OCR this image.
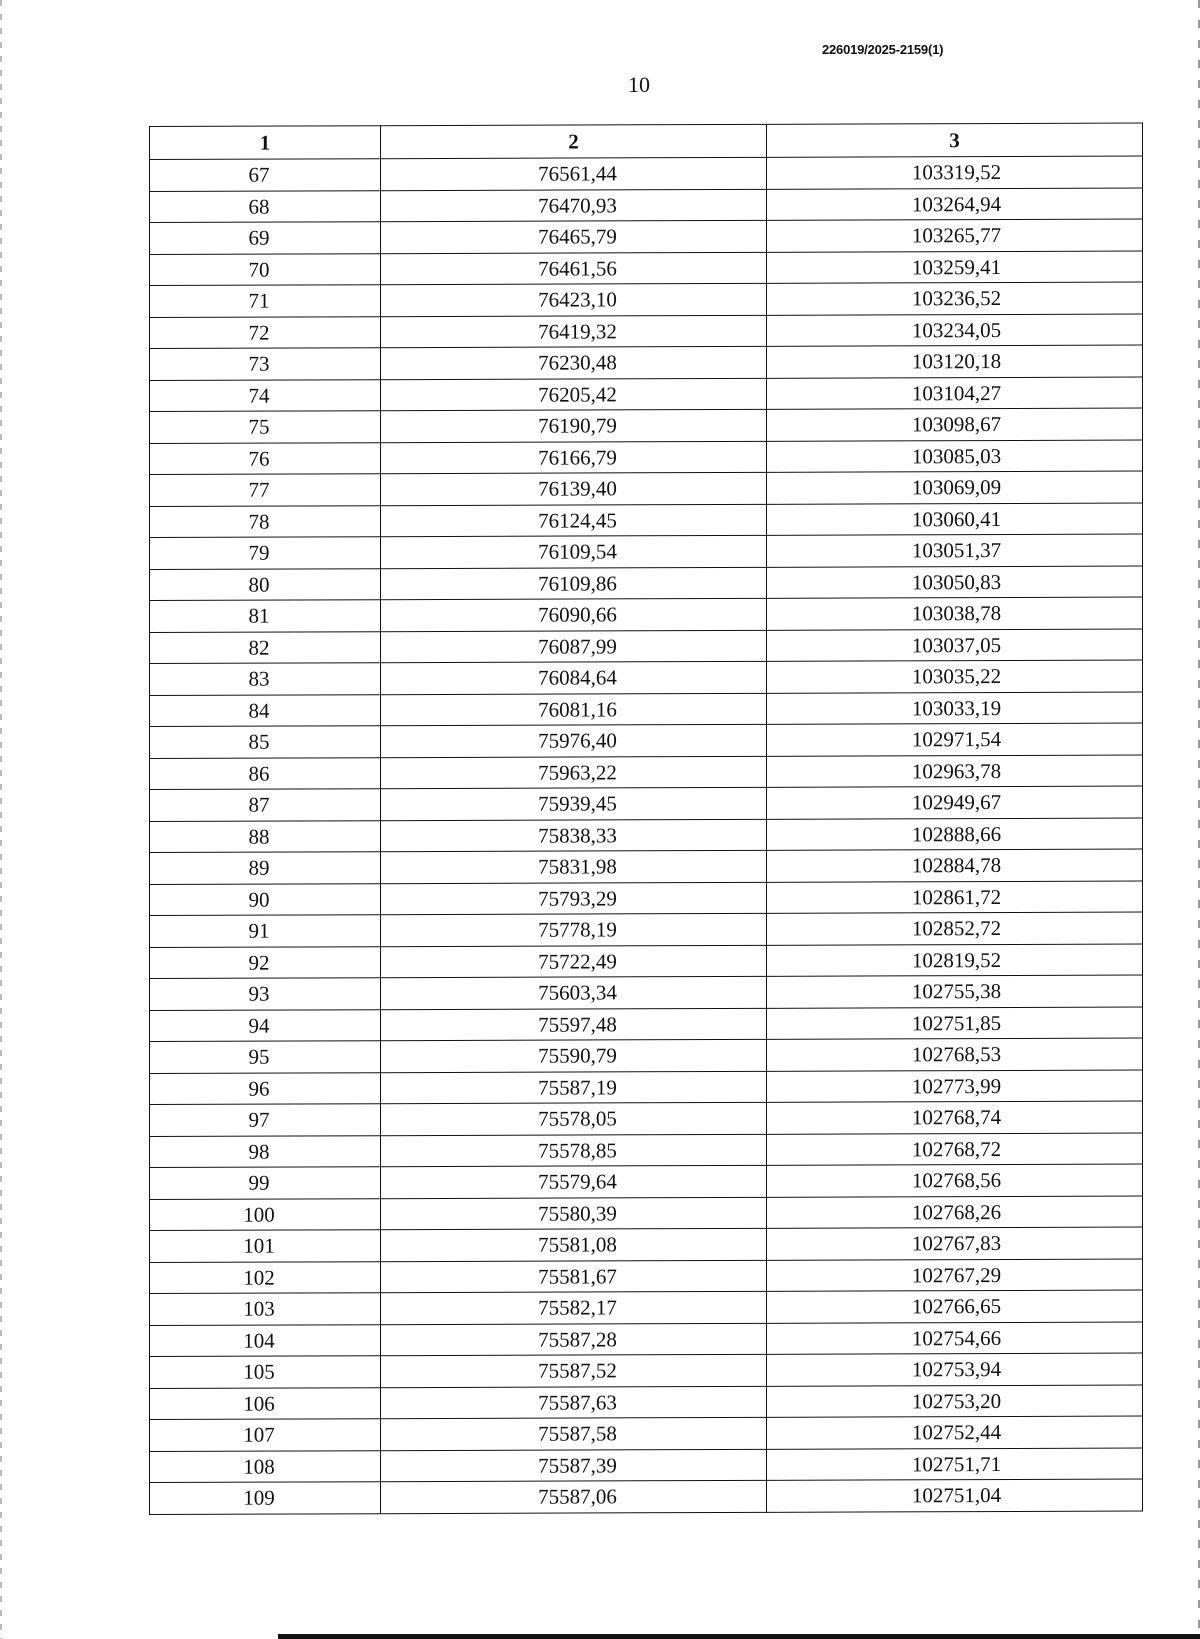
226019/2025-2159(1)
10
1	2	3
67	76561,44	103319,52
68	76470,93	103264,94
69	76465,79	103265,77
70	76461,56	103259,41
71	76423,10	103236,52
72	76419,32	103234,05
73	76230,48	103120,18
74	76205,42	103104,27
75	76190,79	103098,67
76	76166,79	103085,03
77	76139,40	103069,09
78	76124,45	103060,41
79	76109,54	103051,37
80	76109,86	103050,83
81	76090,66	103038,78
82	76087,99	103037,05
83	76084,64	103035,22
84	76081,16	103033,19
85	75976,40	102971,54
86	75963,22	102963,78
87	75939,45	102949,67
88	75838,33	102888,66
89	75831,98	102884,78
90	75793,29	102861,72
91	75778,19	102852,72
92	75722,49	102819,52
93	75603,34	102755,38
94	75597,48	102751,85
95	75590,79	102768,53
96	75587,19	102773,99
97	75578,05	102768,74
98	75578,85	102768,72
99	75579,64	102768,56
100	75580,39	102768,26
101	75581,08	102767,83
102	75581,67	102767,29
103	75582,17	102766,65
104	75587,28	102754,66
105	75587,52	102753,94
106	75587,63	102753,20
107	75587,58	102752,44
108	75587,39	102751,71
109	75587,06	102751,04
